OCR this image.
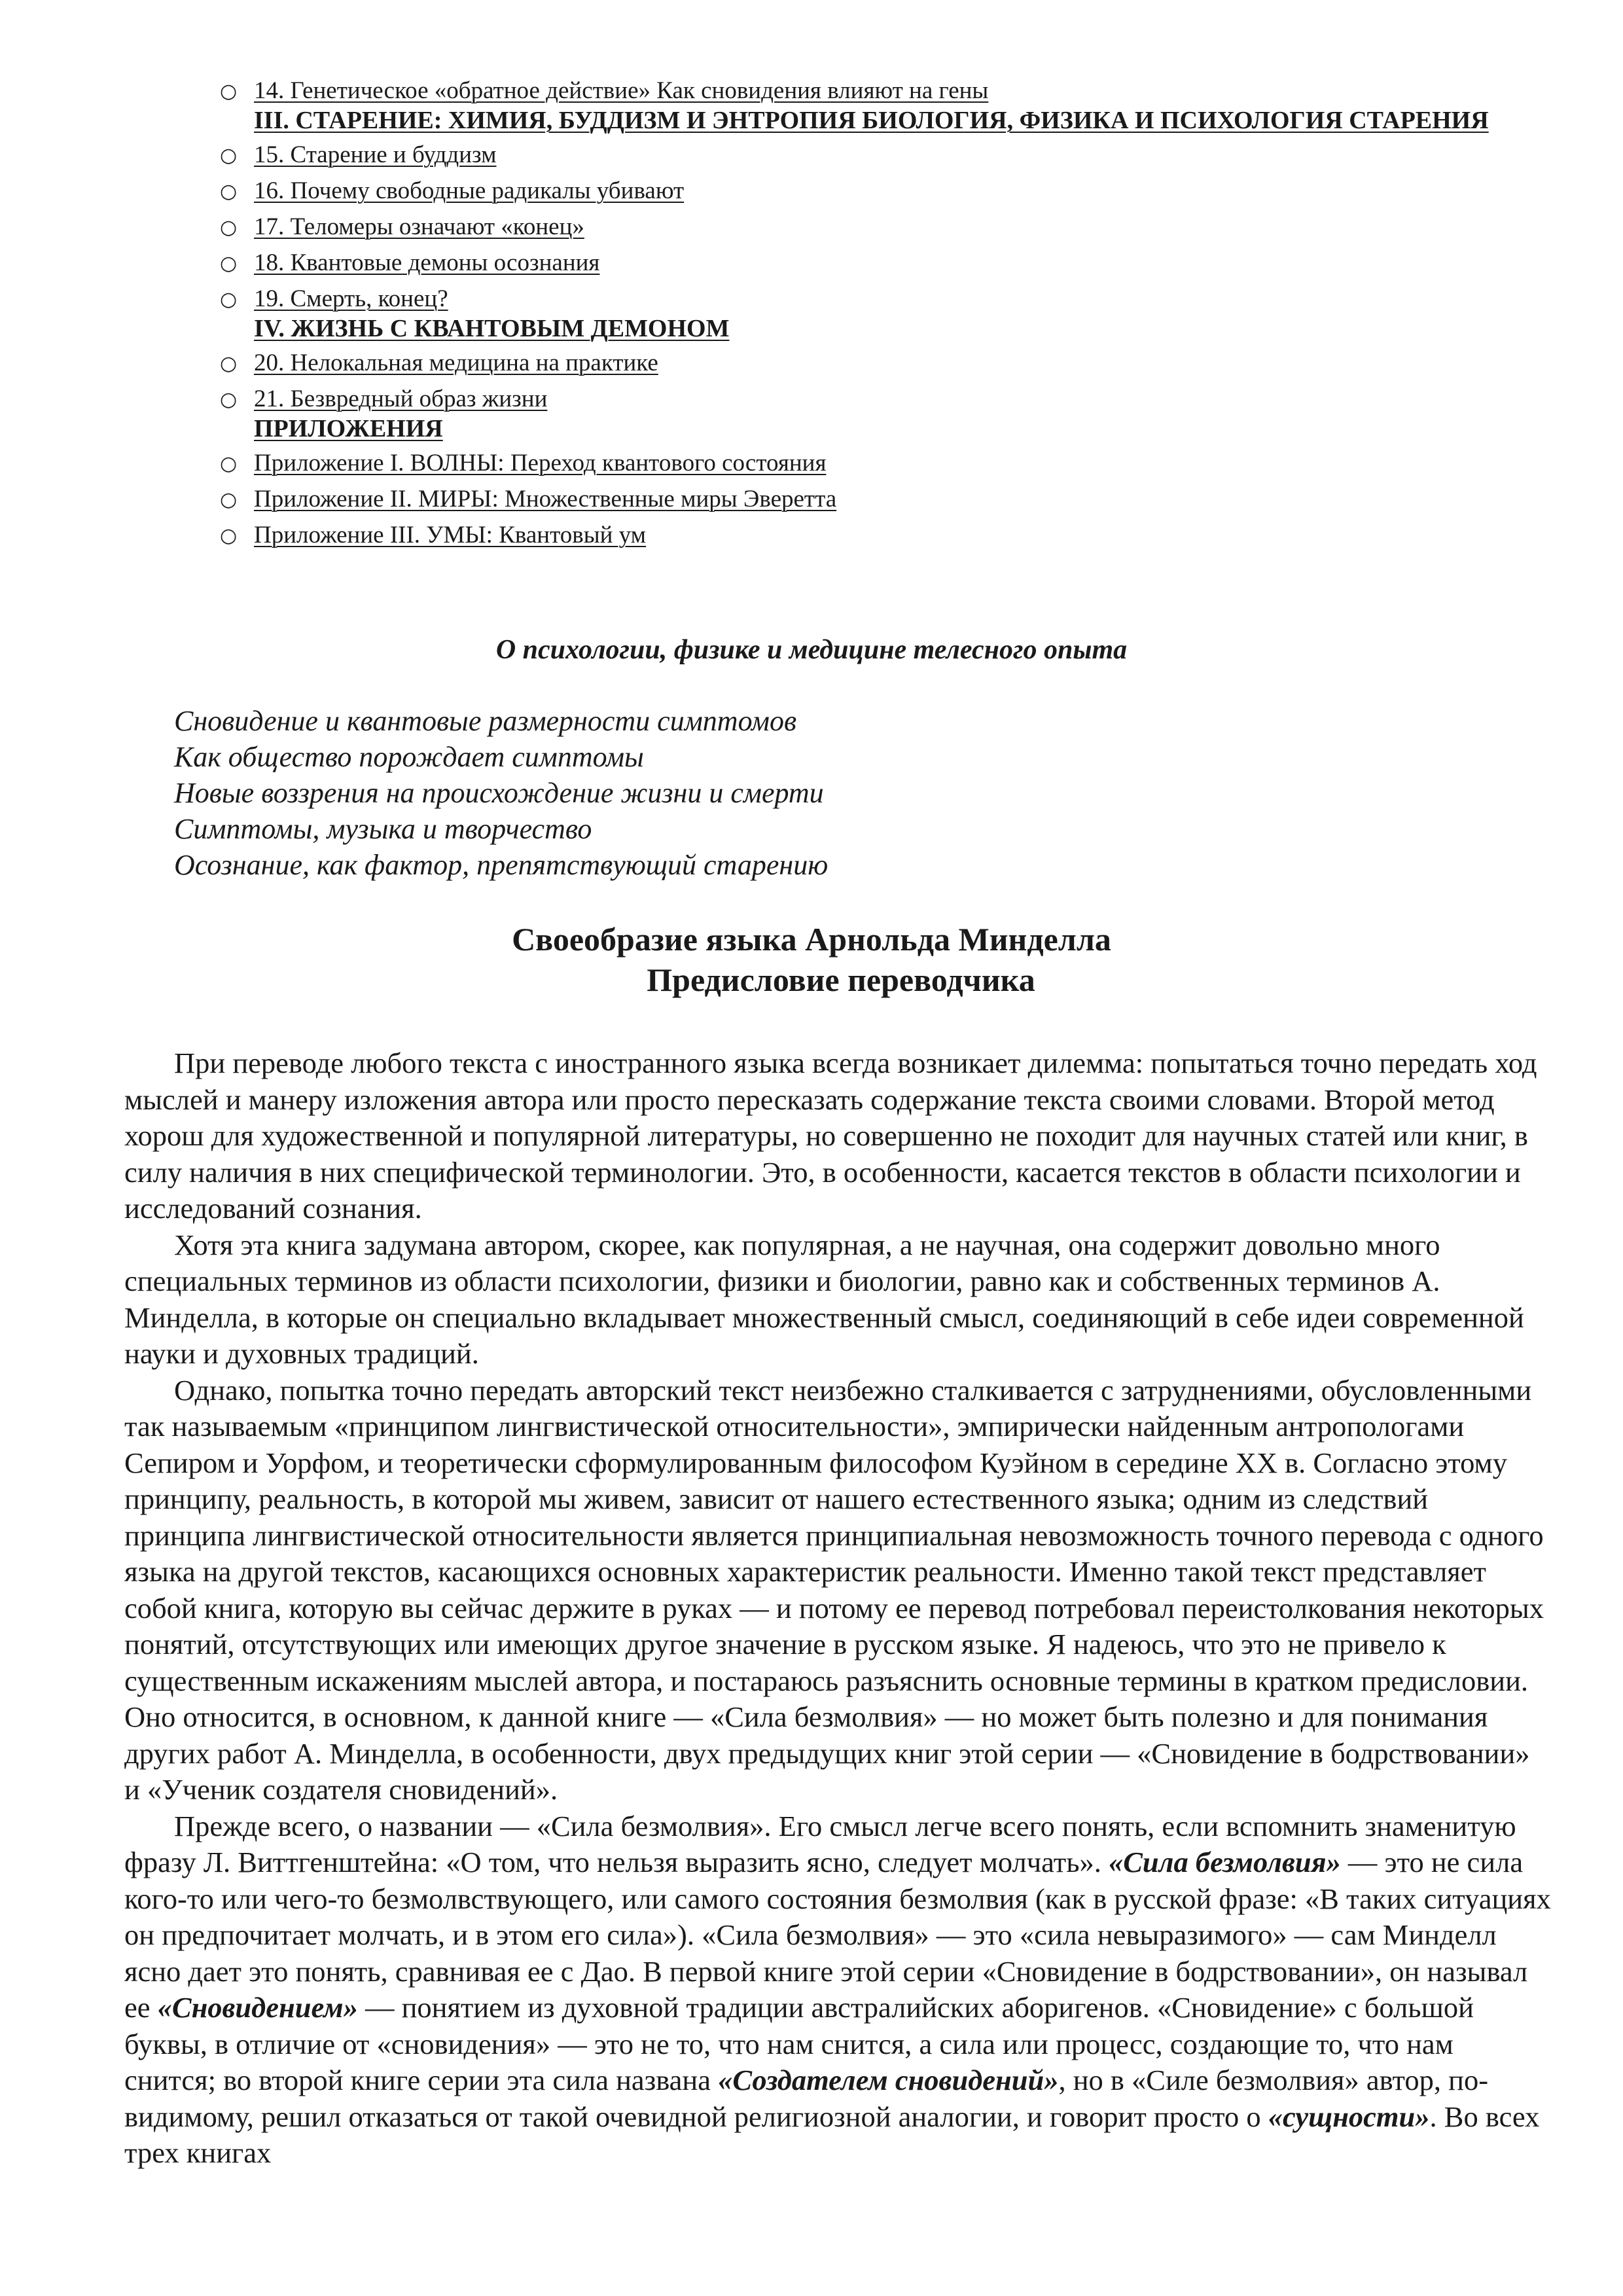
○ 14. Генетическое «обратное действие» Как сновидения влияют на гены
III. СТАРЕНИЕ: ХИМИЯ, БУДДИЗМ И ЭНТРОПИЯ БИОЛОГИЯ, ФИЗИКА И ПСИХОЛОГИЯ СТАРЕНИЯ
○ 15. Старение и буддизм
○ 16. Почему свободные радикалы убивают
○ 17. Теломеры означают «конец»
○ 18. Квантовые демоны осознания
○ 19. Смерть, конец?
IV. ЖИЗНЬ С КВАНТОВЫМ ДЕМОНОМ
○ 20. Нелокальная медицина на практике
○ 21. Безвредный образ жизни
ПРИЛОЖЕНИЯ
○ Приложение I. ВОЛНЫ: Переход квантового состояния
○ Приложение II. МИРЫ: Множественные миры Эверетта
○ Приложение III. УМЫ: Квантовый ум
О психологии, физике и медицине телесного опыта
Сновидение и квантовые размерности симптомов
Как общество порождает симптомы
Новые воззрения на происхождение жизни и смерти
Симптомы, музыка и творчество
Осознание, как фактор, препятствующий старению
Своеобразие языка Арнольда Минделла
Предисловие переводчика

При переводе любого текста с иностранного языка всегда возникает дилемма: попытаться точно передать ход мыслей и манеру изложения автора или просто пересказать содержание текста своими словами. Второй метод хорош для художественной и популярной литературы, но совершенно не походит для научных статей или книг, в силу наличия в них специфической терминологии. Это, в особенности, касается текстов в области психологии и исследований сознания.

Хотя эта книга задумана автором, скорее, как популярная, а не научная, она содержит довольно много специальных терминов из области психологии, физики и биологии, равно как и собственных терминов А. Минделла, в которые он специально вкладывает множественный смысл, соединяющий в себе идеи современной науки и духовных традиций.

Однако, попытка точно передать авторский текст неизбежно сталкивается с затруднениями, обусловленными так называемым «принципом лингвистической относительности», эмпирически найденным антропологами Сепиром и Уорфом, и теоретически сформулированным философом Куэйном в середине XX в. Согласно этому принципу, реальность, в которой мы живем, зависит от нашего естественного языка; одним из следствий принципа лингвистической относительности является принципиальная невозможность точного перевода с одного языка на другой текстов, касающихся основных характеристик реальности. Именно такой текст представляет собой книга, которую вы сейчас держите в руках — и потому ее перевод потребовал переистолкования некоторых понятий, отсутствующих или имеющих другое значение в русском языке. Я надеюсь, что это не привело к существенным искажениям мыслей автора, и постараюсь разъяснить основные термины в кратком предисловии. Оно относится, в основном, к данной книге — «Сила безмолвия» — но может быть полезно и для понимания других работ А. Минделла, в особенности, двух предыдущих книг этой серии — «Сновидение в бодрствовании» и «Ученик создателя сновидений».

Прежде всего, о названии — «Сила безмолвия». Его смысл легче всего понять, если вспомнить знаменитую фразу Л. Виттгенштейна: «О том, что нельзя выразить ясно, следует молчать». «Сила безмолвия» — это не сила кого-то или чего-то безмолвствующего, или самого состояния безмолвия (как в русской фразе: «В таких ситуациях он предпочитает молчать, и в этом его сила»). «Сила безмолвия» — это «сила невыразимого» — сам Минделл ясно дает это понять, сравнивая ее с Дао. В первой книге этой серии «Сновидение в бодрствовании», он называл ее «Сновидением» — понятием из духовной традиции австралийских аборигенов. «Сновидение» с большой буквы, в отличие от «сновидения» — это не то, что нам снится, а сила или процесс, создающие то, что нам снится; во второй книге серии эта сила названа «Создателем сновидений», но в «Силе безмолвия» автор, по-видимому, решил отказаться от такой очевидной религиозной аналогии, и говорит просто о «сущности». Во всех трех книгах
